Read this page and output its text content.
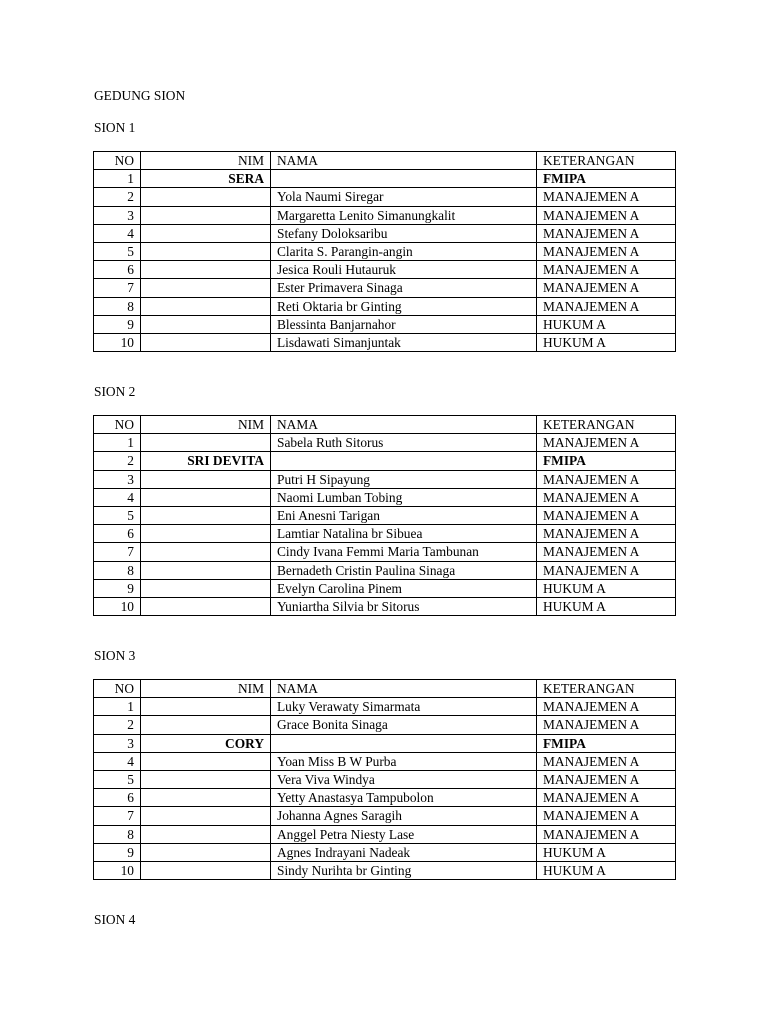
GEDUNG SION
SION 1
NO	NIM	NAMA	KETERANGAN
1	SERA		FMIPA
2		Yola Naumi Siregar	MANAJEMEN A
3		Margaretta Lenito Simanungkalit	MANAJEMEN A
4		Stefany Doloksaribu	MANAJEMEN A
5		Clarita S. Parangin-angin	MANAJEMEN A
6		Jesica Rouli Hutauruk	MANAJEMEN A
7		Ester Primavera Sinaga	MANAJEMEN A
8		Reti Oktaria br Ginting	MANAJEMEN A
9		Blessinta Banjarnahor	HUKUM A
10		Lisdawati Simanjuntak	HUKUM A
SION 2
NO	NIM	NAMA	KETERANGAN
1		Sabela Ruth Sitorus	MANAJEMEN A
2	SRI DEVITA		FMIPA
3		Putri H Sipayung	MANAJEMEN A
4		Naomi Lumban Tobing	MANAJEMEN A
5		Eni Anesni Tarigan	MANAJEMEN A
6		Lamtiar Natalina br Sibuea	MANAJEMEN A
7		Cindy Ivana Femmi Maria Tambunan	MANAJEMEN A
8		Bernadeth Cristin Paulina Sinaga	MANAJEMEN A
9		Evelyn Carolina Pinem	HUKUM A
10		Yuniartha Silvia br Sitorus	HUKUM A
SION 3
NO	NIM	NAMA	KETERANGAN
1		Luky Verawaty Simarmata	MANAJEMEN A
2		Grace Bonita Sinaga	MANAJEMEN A
3	CORY		FMIPA
4		Yoan Miss B W Purba	MANAJEMEN A
5		Vera Viva Windya	MANAJEMEN A
6		Yetty Anastasya Tampubolon	MANAJEMEN A
7		Johanna Agnes Saragih	MANAJEMEN A
8		Anggel Petra Niesty Lase	MANAJEMEN A
9		Agnes Indrayani Nadeak	HUKUM A
10		Sindy Nurihta br Ginting	HUKUM A
SION 4
